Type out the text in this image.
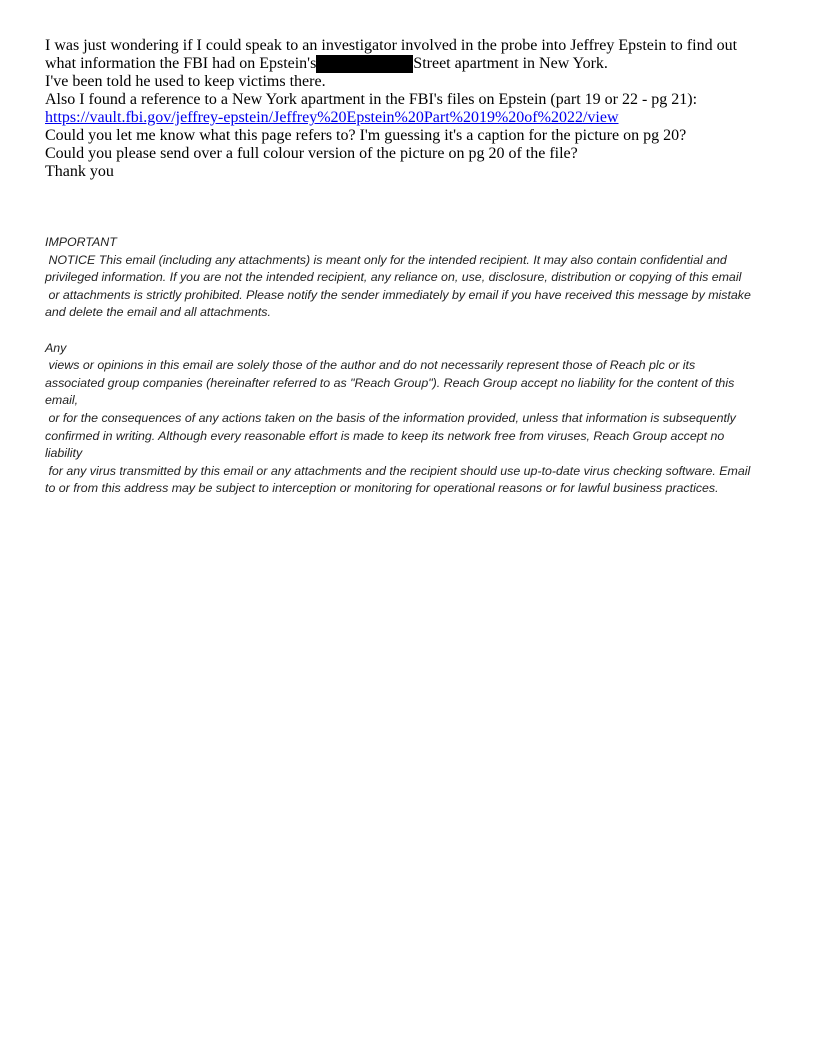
I was just wondering if I could speak to an investigator involved in the probe into Jeffrey Epstein to find out
what information the FBI had on Epstein's	Street apartment in New York.
I've been told he used to keep victims there.
Also I found a reference to a New York apartment in the FBI's files on Epstein (part 19 or 22 - pg 21):
https://vault.fbi.gov/jeffrey-epstein/Jeffrey%20Epstein%20Part%2019%20of%2022/view
Could you let me know what this page refers to? I'm guessing it's a caption for the picture on pg 20?
Could you please send over a full colour version of the picture on pg 20 of the file?
Thank you
IMPORTANT
NOTICE This email (including any attachments) is meant only for the intended recipient. It may also contain confidential and
privileged information. If you are not the intended recipient, any reliance on, use, disclosure, distribution or copying of this email
or attachments is strictly prohibited. Please notify the sender immediately by email if you have received this message by mistake
and delete the email and all attachments.
Any
views or opinions in this email are solely those of the author and do not necessarily represent those of Reach plc or its
associated group companies (hereinafter referred to as "Reach Group"). Reach Group accept no liability for the content of this
email,
or for the consequences of any actions taken on the basis of the information provided, unless that information is subsequently
confirmed in writing. Although every reasonable effort is made to keep its network free from viruses, Reach Group accept no
liability
for any virus transmitted by this email or any attachments and the recipient should use up-to-date virus checking software. Email
to or from this address may be subject to interception or monitoring for operational reasons or for lawful business practices.
